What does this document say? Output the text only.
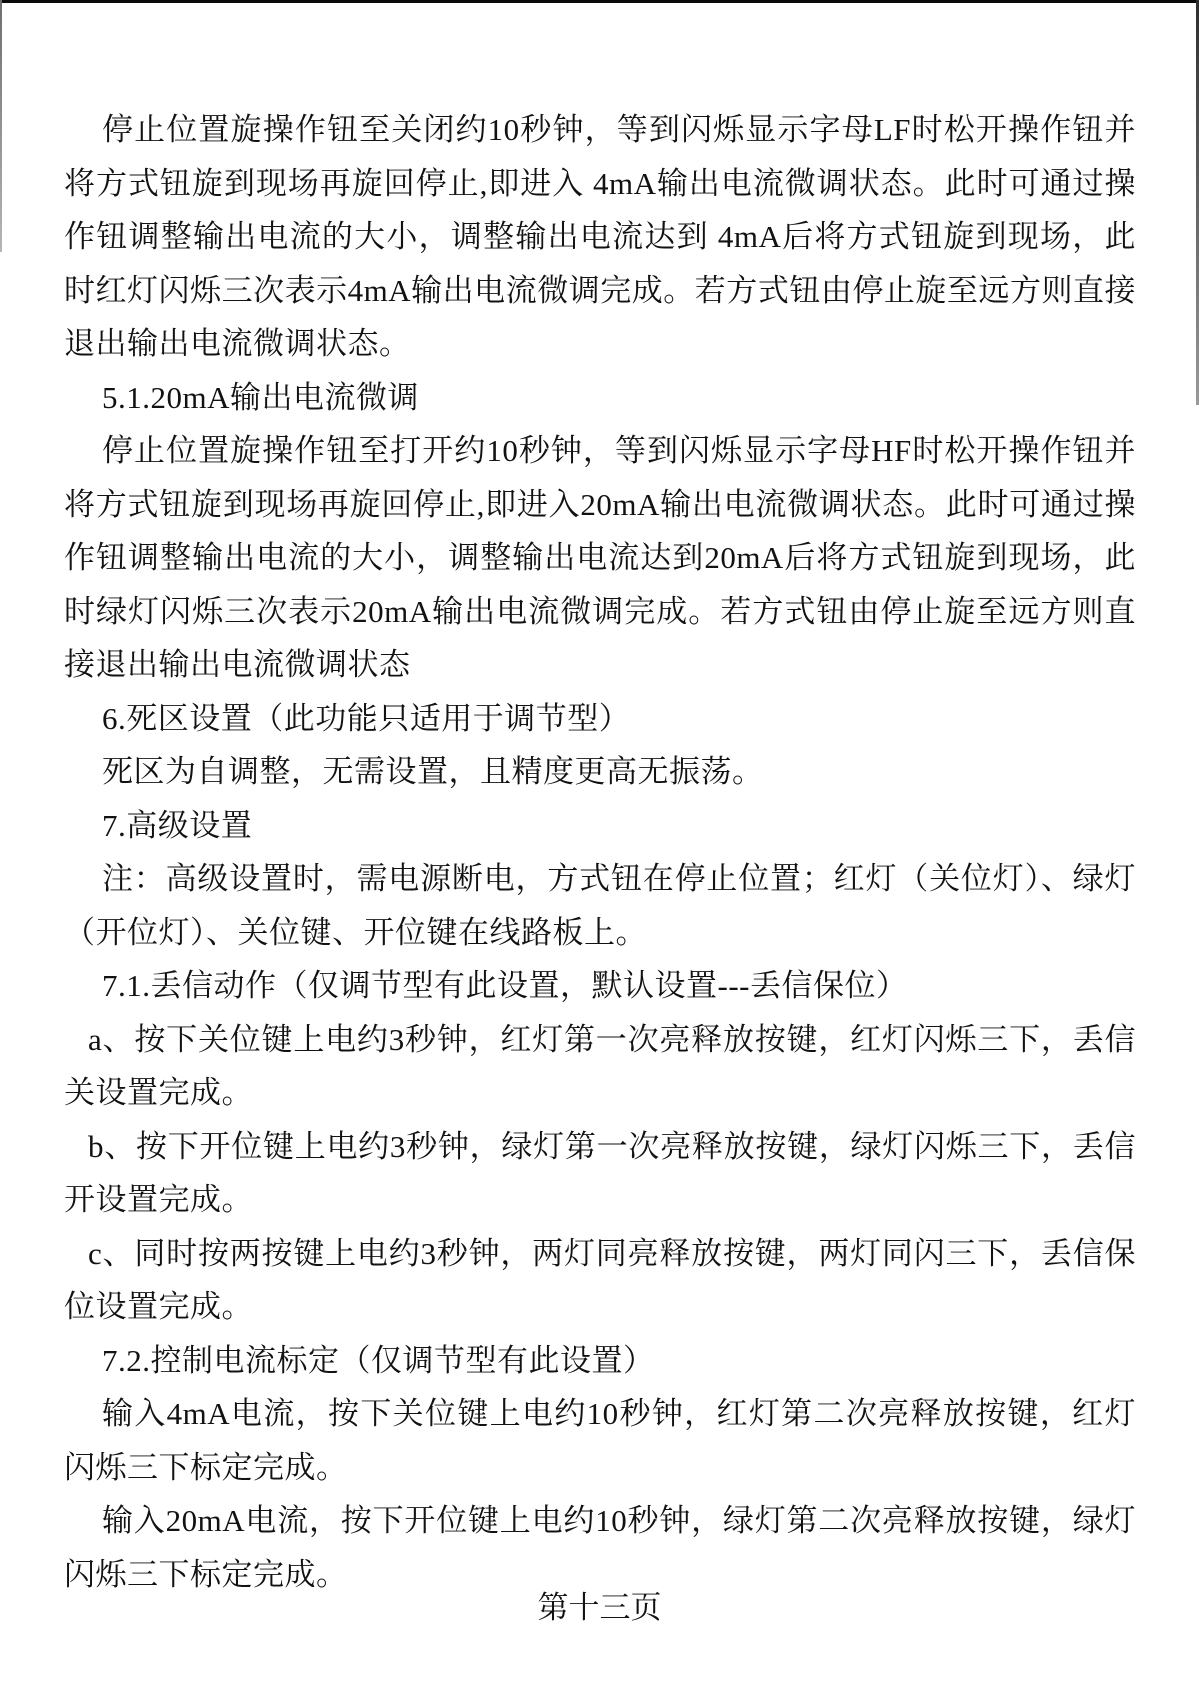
停止位置旋操作钮至关闭约10秒钟，等到闪烁显示字母LF时松开操作钮并将方式钮旋到现场再旋回停止,即进入 4mA输出电流微调状态。此时可通过操作钮调整输出电流的大小，调整输出电流达到 4mA后将方式钮旋到现场，此时红灯闪烁三次表示4mA输出电流微调完成。若方式钮由停止旋至远方则直接退出输出电流微调状态。

5.1.20mA输出电流微调

停止位置旋操作钮至打开约10秒钟，等到闪烁显示字母HF时松开操作钮并将方式钮旋到现场再旋回停止,即进入20mA输出电流微调状态。此时可通过操作钮调整输出电流的大小，调整输出电流达到20mA后将方式钮旋到现场，此时绿灯闪烁三次表示20mA输出电流微调完成。若方式钮由停止旋至远方则直接退出输出电流微调状态

6.死区设置（此功能只适用于调节型）

死区为自调整，无需设置，且精度更高无振荡。

7.高级设置

注：高级设置时，需电源断电，方式钮在停止位置；红灯（关位灯）、绿灯（开位灯）、关位键、开位键在线路板上。

7.1.丢信动作（仅调节型有此设置，默认设置---丢信保位）

a、按下关位键上电约3秒钟，红灯第一次亮释放按键，红灯闪烁三下，丢信关设置完成。

b、按下开位键上电约3秒钟，绿灯第一次亮释放按键，绿灯闪烁三下，丢信开设置完成。

c、同时按两按键上电约3秒钟，两灯同亮释放按键，两灯同闪三下，丢信保位设置完成。

7.2.控制电流标定（仅调节型有此设置）

输入4mA电流，按下关位键上电约10秒钟，红灯第二次亮释放按键，红灯闪烁三下标定完成。

输入20mA电流，按下开位键上电约10秒钟，绿灯第二次亮释放按键，绿灯闪烁三下标定完成。

第十三页
